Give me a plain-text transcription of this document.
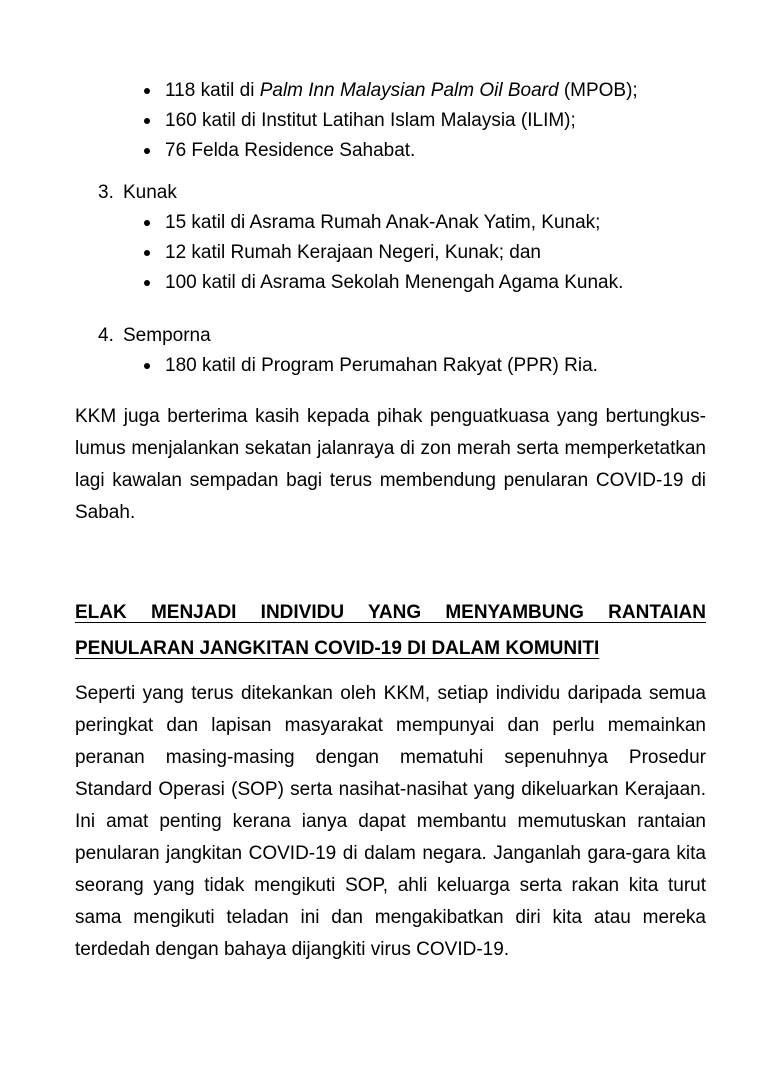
118 katil di Palm Inn Malaysian Palm Oil Board (MPOB);
160 katil di Institut Latihan Islam Malaysia (ILIM);
76 Felda Residence Sahabat.
3. Kunak
15 katil di Asrama Rumah Anak-Anak Yatim, Kunak;
12 katil Rumah Kerajaan Negeri, Kunak; dan
100 katil di Asrama Sekolah Menengah Agama Kunak.
4. Semporna
180 katil di Program Perumahan Rakyat (PPR) Ria.

KKM juga berterima kasih kepada pihak penguatkuasa yang bertungkus-lumus menjalankan sekatan jalanraya di zon merah serta memperketatkan lagi kawalan sempadan bagi terus membendung penularan COVID-19 di Sabah.

ELAK MENJADI INDIVIDU YANG MENYAMBUNG RANTAIAN
PENULARAN JANGKITAN COVID-19 DI DALAM KOMUNITI

Seperti yang terus ditekankan oleh KKM, setiap individu daripada semua peringkat dan lapisan masyarakat mempunyai dan perlu memainkan peranan masing-masing dengan mematuhi sepenuhnya Prosedur Standard Operasi (SOP) serta nasihat-nasihat yang dikeluarkan Kerajaan. Ini amat penting kerana ianya dapat membantu memutuskan rantaian penularan jangkitan COVID-19 di dalam negara. Janganlah gara-gara kita seorang yang tidak mengikuti SOP, ahli keluarga serta rakan kita turut sama mengikuti teladan ini dan mengakibatkan diri kita atau mereka terdedah dengan bahaya dijangkiti virus COVID-19.
